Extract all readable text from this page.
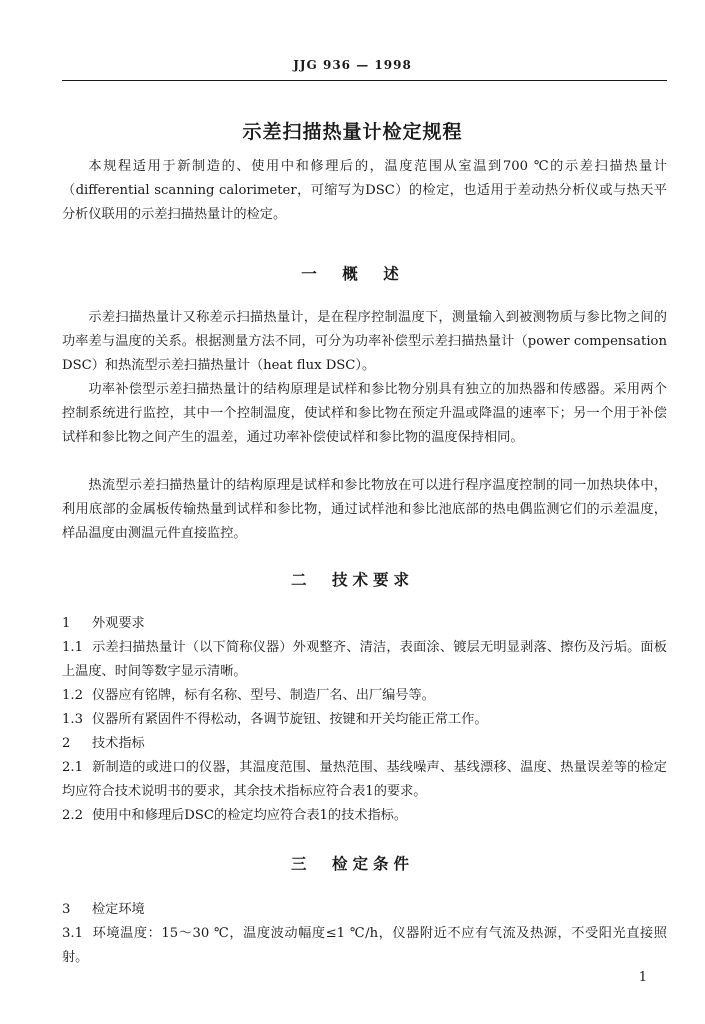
JJG 936 — 1998
示差扫描热量计检定规程

本规程适用于新制造的、使用中和修理后的，温度范围从室温到700 ℃的示差扫描热量计（differential scanning calorimeter，可缩写为DSC）的检定，也适用于差动热分析仪或与热天平分析仪联用的示差扫描热量计的检定。

一　概　述

示差扫描热量计又称差示扫描热量计，是在程序控制温度下，测量输入到被测物质与参比物之间的功率差与温度的关系。根据测量方法不同，可分为功率补偿型示差扫描热量计（power compensation DSC）和热流型示差扫描热量计（heat flux DSC）。

功率补偿型示差扫描热量计的结构原理是试样和参比物分别具有独立的加热器和传感器。采用两个控制系统进行监控，其中一个控制温度，使试样和参比物在预定升温或降温的速率下；另一个用于补偿试样和参比物之间产生的温差，通过功率补偿使试样和参比物的温度保持相同。

热流型示差扫描热量计的结构原理是试样和参比物放在可以进行程序温度控制的同一加热块体中，利用底部的金属板传输热量到试样和参比物，通过试样池和参比池底部的热电偶监测它们的示差温度，样品温度由测温元件直接监控。

二　技术要求

1 外观要求

1.1 示差扫描热量计（以下简称仪器）外观整齐、清洁，表面涂、镀层无明显剥落、擦伤及污垢。面板上温度、时间等数字显示清晰。

1.2 仪器应有铭牌，标有名称、型号、制造厂名、出厂编号等。

1.3 仪器所有紧固件不得松动，各调节旋钮、按键和开关均能正常工作。

2 技术指标

2.1 新制造的或进口的仪器，其温度范围、量热范围、基线噪声、基线漂移、温度、热量误差等的检定均应符合技术说明书的要求，其余技术指标应符合表1的要求。

2.2 使用中和修理后DSC的检定均应符合表1的技术指标。

三　检定条件

3 检定环境

3.1 环境温度：15～30 ℃，温度波动幅度≤1 ℃/h，仪器附近不应有气流及热源，不受阳光直接照射。

1
